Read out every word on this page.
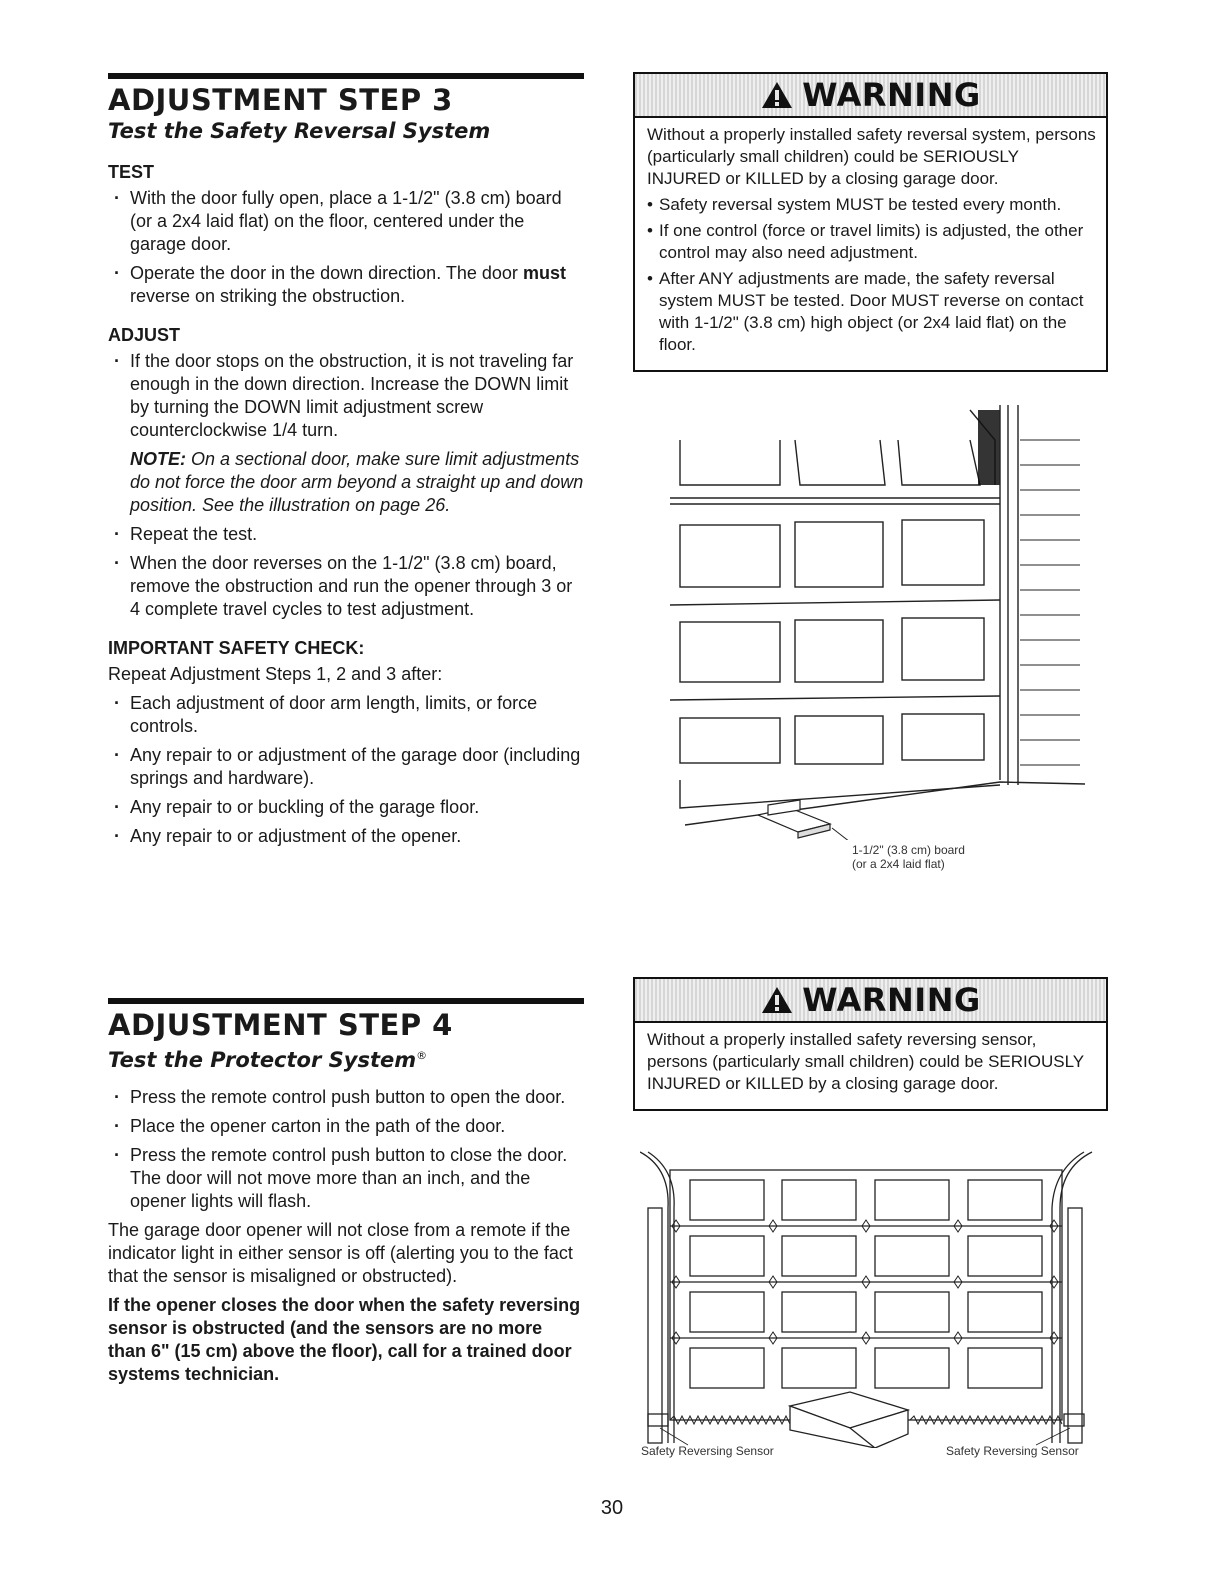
ADJUSTMENT STEP 3
Test the Safety Reversal System
TEST
· With the door fully open, place a 1-1/2" (3.8 cm) board (or a 2x4 laid flat) on the floor, centered under the garage door.
· Operate the door in the down direction. The door must reverse on striking the obstruction.
ADJUST
· If the door stops on the obstruction, it is not traveling far enough in the down direction. Increase the DOWN limit by turning the DOWN limit adjustment screw counterclockwise 1/4 turn.
NOTE: On a sectional door, make sure limit adjustments do not force the door arm beyond a straight up and down position. See the illustration on page 26.
· Repeat the test.
· When the door reverses on the 1-1/2" (3.8 cm) board, remove the obstruction and run the opener through 3 or 4 complete travel cycles to test adjustment.
IMPORTANT SAFETY CHECK:
Repeat Adjustment Steps 1, 2 and 3 after:
· Each adjustment of door arm length, limits, or force controls.
· Any repair to or adjustment of the garage door (including springs and hardware).
· Any repair to or buckling of the garage floor.
· Any repair to or adjustment of the opener.
WARNING

Without a properly installed safety reversal system, persons (particularly small children) could be SERIOUSLY INJURED or KILLED by a closing garage door.

• Safety reversal system MUST be tested every month.
• If one control (force or travel limits) is adjusted, the other control may also need adjustment.
• After ANY adjustments are made, the safety reversal system MUST be tested. Door MUST reverse on contact with 1-1/2" (3.8 cm) high object (or 2x4 laid flat) on the floor.
1-1/2" (3.8 cm) board
(or a 2x4 laid flat)
ADJUSTMENT STEP 4
Test the Protector System®
· Press the remote control push button to open the door.
· Place the opener carton in the path of the door.
· Press the remote control push button to close the door. The door will not move more than an inch, and the opener lights will flash.
The garage door opener will not close from a remote if the indicator light in either sensor is off (alerting you to the fact that the sensor is misaligned or obstructed).
If the opener closes the door when the safety reversing sensor is obstructed (and the sensors are no more than 6" (15 cm) above the floor), call for a trained door systems technician.
WARNING

Without a properly installed safety reversing sensor, persons (particularly small children) could be SERIOUSLY INJURED or KILLED by a closing garage door.

Safety Reversing Sensor	Safety Reversing Sensor
30
